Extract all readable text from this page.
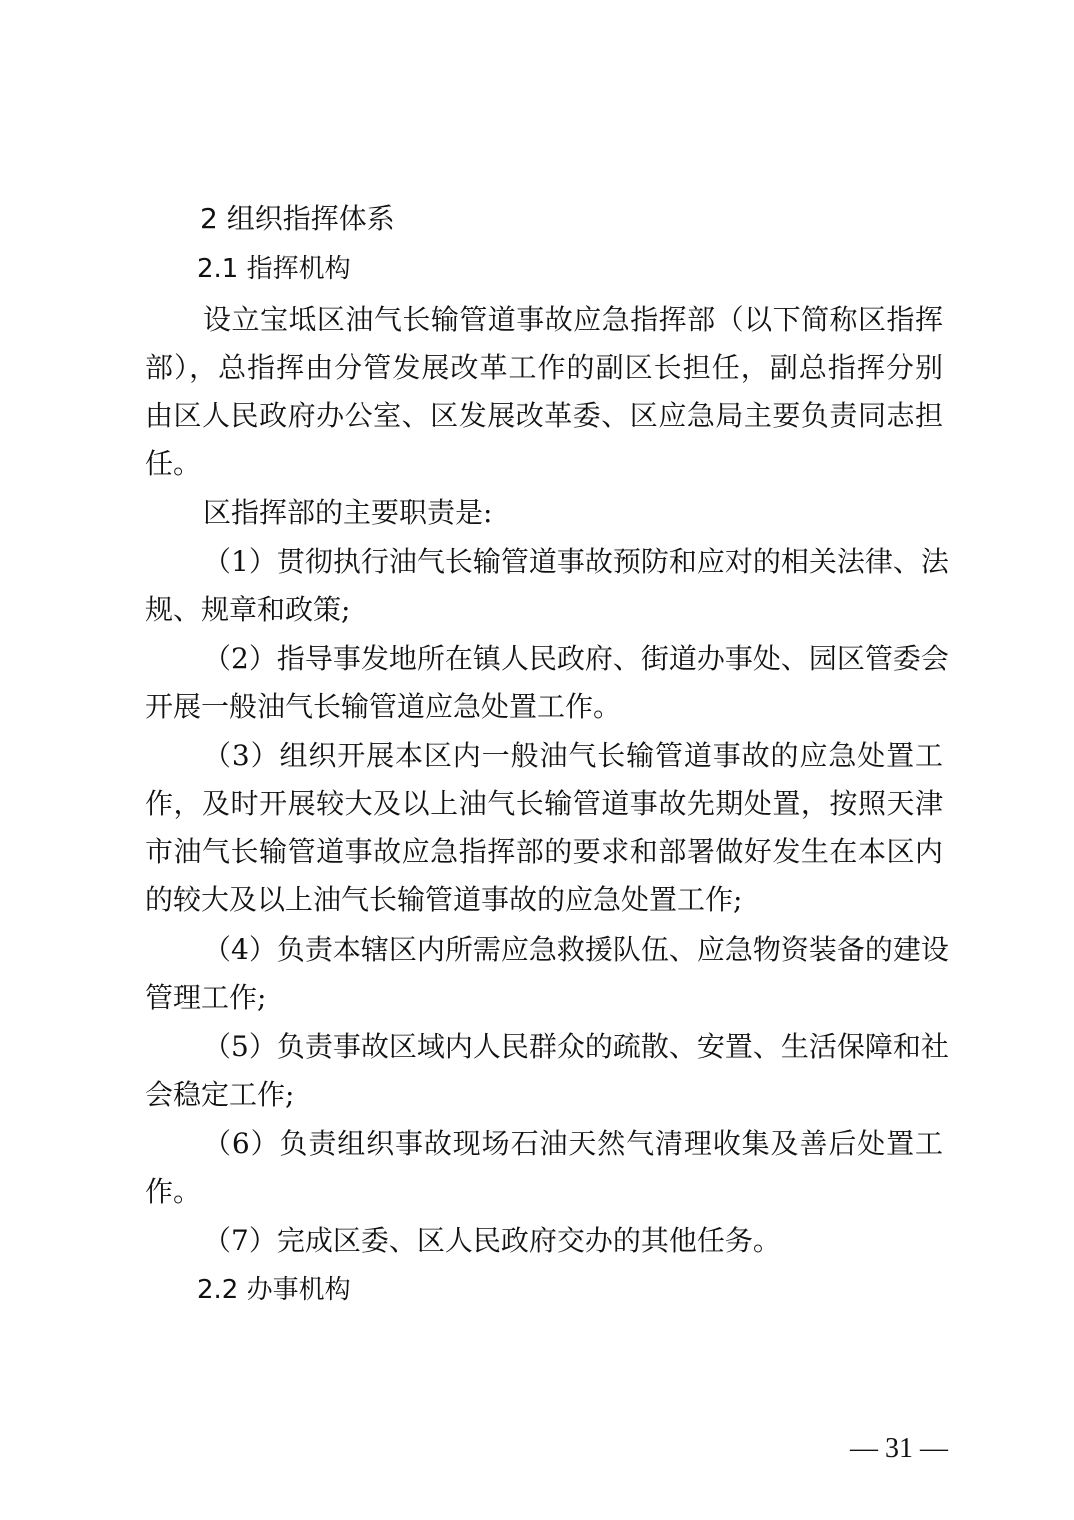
2 组织指挥体系
2.1 指挥机构
设立宝坻区油气长输管道事故应急指挥部（以下简称区指挥
部），总指挥由分管发展改革工作的副区长担任，副总指挥分别
由区人民政府办公室、区发展改革委、区应急局主要负责同志担
任。
区指挥部的主要职责是:
（1）贯彻执行油气长输管道事故预防和应对的相关法律、法
规、规章和政策;
（2）指导事发地所在镇人民政府、街道办事处、园区管委会
开展一般油气长输管道应急处置工作。
（3）组织开展本区内一般油气长输管道事故的应急处置工
作，及时开展较大及以上油气长输管道事故先期处置，按照天津
市油气长输管道事故应急指挥部的要求和部署做好发生在本区内
的较大及以上油气长输管道事故的应急处置工作;
（4）负责本辖区内所需应急救援队伍、应急物资装备的建设
管理工作;
（5）负责事故区域内人民群众的疏散、安置、生活保障和社
会稳定工作;
（6）负责组织事故现场石油天然气清理收集及善后处置工
作。
（7）完成区委、区人民政府交办的其他任务。
2.2 办事机构
— 31 —
